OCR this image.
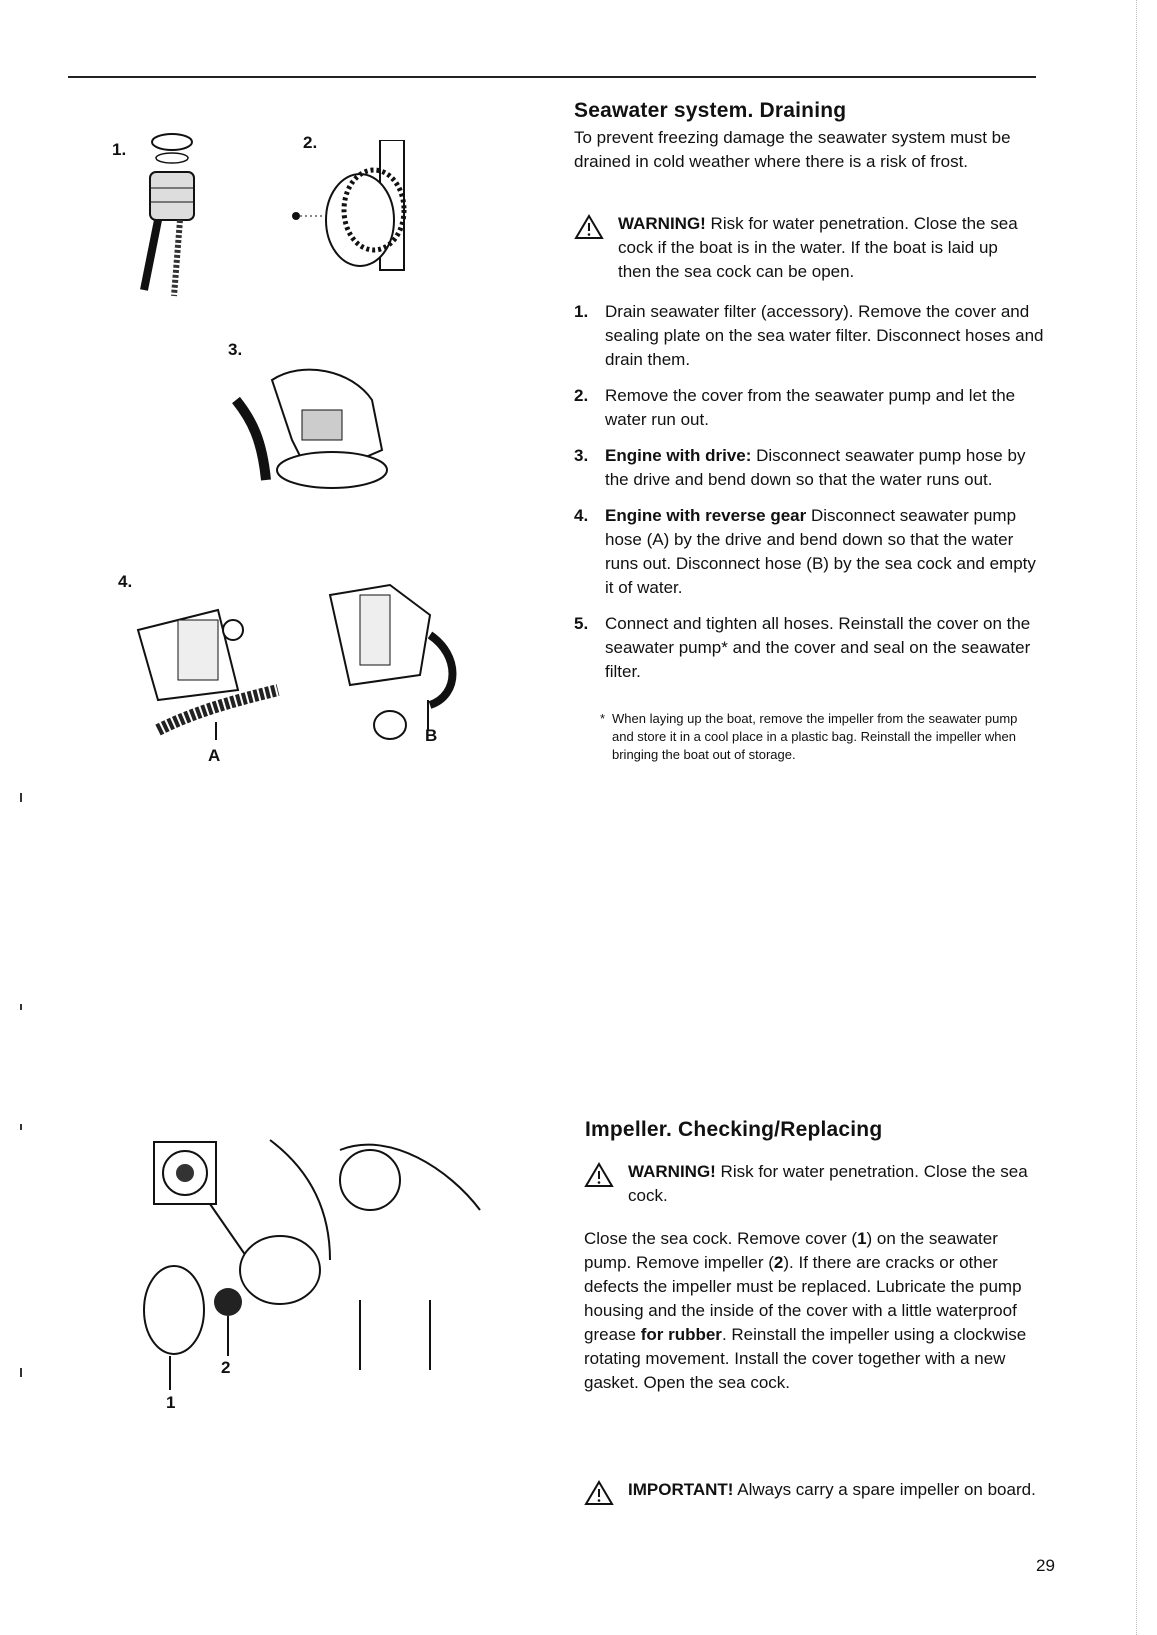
1.	2.
3.
4.
A
B
2
1
Seawater system. Draining

To prevent freezing damage the seawater system must be drained in cold weather where there is a risk of frost.

WARNING! Risk for water penetration. Close the sea cock if the boat is in the water. If the boat is laid up then the sea cock can be open.
1. Drain seawater filter (accessory). Remove the cover and sealing plate on the sea water filter. Disconnect hoses and drain them.
2. Remove the cover from the seawater pump and let the water run out.
3. Engine with drive: Disconnect seawater pump hose by the drive and bend down so that the water runs out.
4. Engine with reverse gear Disconnect seawater pump hose (A) by the drive and bend down so that the water runs out. Disconnect hose (B) by the sea cock and empty it of water.
5. Connect and tighten all hoses. Reinstall the cover on the seawater pump* and the cover and seal on the seawater filter.
* When laying up the boat, remove the impeller from the seawater pump and store it in a cool place in a plastic bag. Reinstall the impeller when bringing the boat out of storage.
Impeller. Checking/Replacing
WARNING! Risk for water penetration. Close the sea cock.

Close the sea cock. Remove cover (1) on the seawater pump. Remove impeller (2). If there are cracks or other defects the impeller must be replaced. Lubricate the pump housing and the inside of the cover with a little waterproof grease for rubber. Reinstall the impeller using a clockwise rotating movement. Install the cover together with a new gasket. Open the sea cock.

IMPORTANT! Always carry a spare impeller on board.
29
